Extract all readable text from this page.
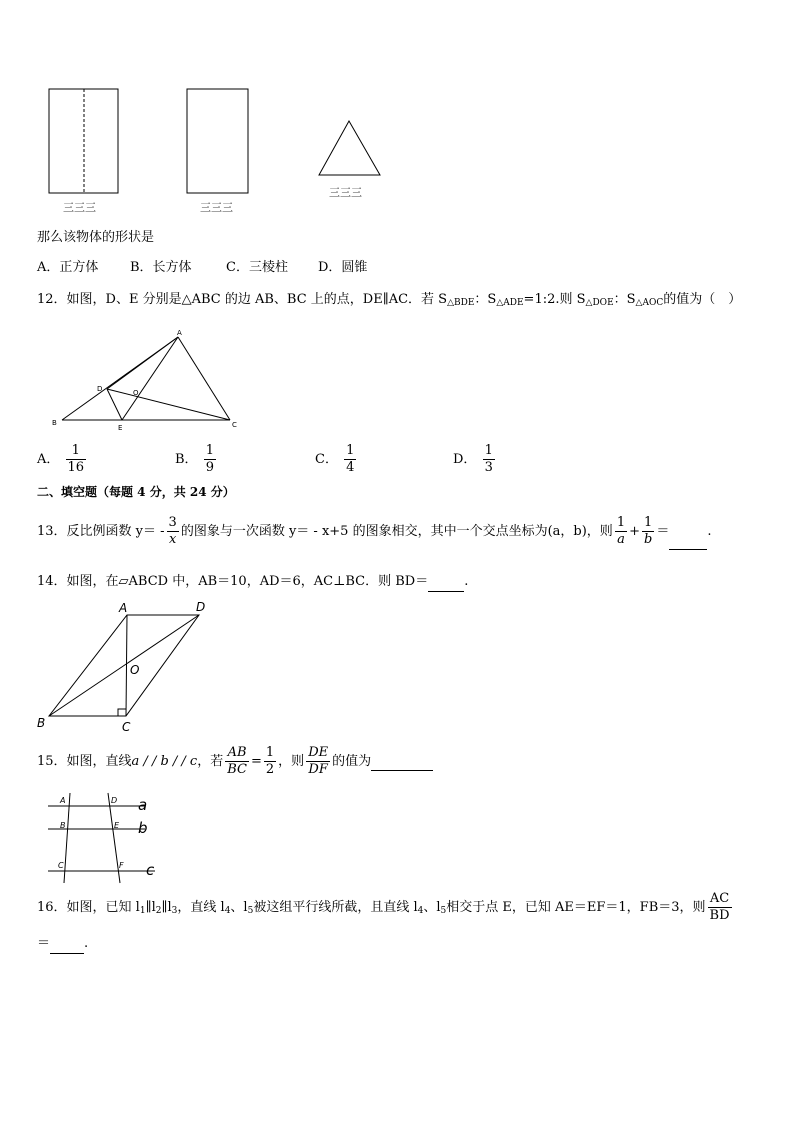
三三三	三三三
三三三
那么该物体的形状是
A．正方体 B．长方体	C．三棱柱 D．圆锥
12．如图，D、E 分别是△ABC 的边 AB、BC 上的点，DE∥AC．若 $S_{\triangle BDE}$：$S_{\triangle ADE}=1:2$.则 $S_{\triangle DOE}$：$S_{\triangle AOC}$的值为（　）
A
B	C
D
E
O
A． $\frac{1}{16}$	B． $\frac{1}{9}$	C． $\frac{1}{4}$	D． $\frac{1}{3}$
二、填空题（每题 4 分，共 24 分）
13．反比例函数 $y= - \frac{3}{x}$ 的图象与一次函数 y＝ - x+5 的图象相交，其中一个交点坐标为(a，b)，则 $\frac{1}{a} + \frac{1}{b}$ ＝	.
14．如图，在▱ABCD 中，AB＝10，AD＝6，AC⊥BC．则 BD＝	.
A	D
B	C
O
15．如图，直线a / / b / / c，若 $\frac{AB}{BC} = \frac{1}{2}$ ，则 $\frac{DE}{DF}$ 的值为
A
B
C
D
E
F
a
b
c
16．如图，已知 $l_1\parallel l_2\parallel l_3$，直线 $l_4$、$l_5$被这组平行线所截，且直线 $l_4$、$l_5$相交于点 E，已知 AE＝EF＝1，FB＝3，则 $\frac{AC}{BD}$
＝	.
